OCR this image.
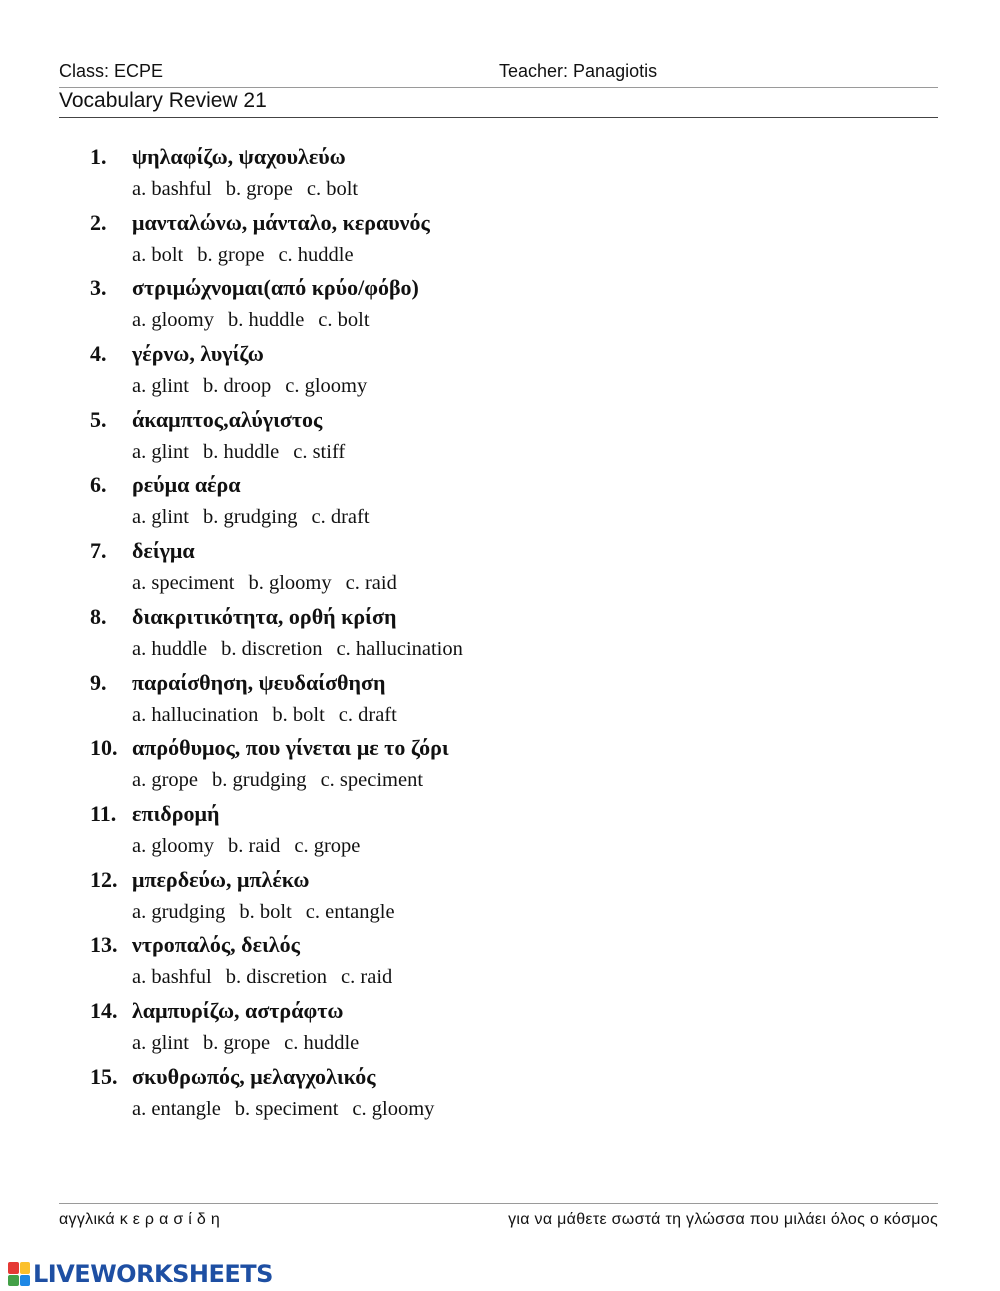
Class: ECPE	Teacher: Panagiotis
Vocabulary Review 21
1. ψηλαφίζω, ψαχουλεύω
a. bashful b. grope c. bolt
2. μανταλώνω, μάνταλο, κεραυνός
a. bolt b. grope c. huddle
3. στριμώχνομαι(από κρύο/φόβο)
a. gloomy b. huddle c. bolt
4. γέρνω, λυγίζω
a. glint b. droop c. gloomy
5. άκαμπτος,αλύγιστος
a. glint b. huddle c. stiff
6. ρεύμα αέρα
a. glint b. grudging c. draft
7. δείγμα
a. speciment b. gloomy c. raid
8. διακριτικότητα, ορθή κρίση
a. huddle b. discretion c. hallucination
9. παραίσθηση, ψευδαίσθηση
a. hallucination b. bolt c. draft
10. απρόθυμος, που γίνεται με το ζόρι
a. grope b. grudging c. speciment
11. επιδρομή
a. gloomy b. raid c. grope
12. μπερδεύω, μπλέκω
a. grudging b. bolt c. entangle
13. ντροπαλός, δειλός
a. bashful b. discretion c. raid
14. λαμπυρίζω, αστράφτω
a. glint b. grope c. huddle
15. σκυθρωπός, μελαγχολικός
a. entangle b. speciment c. gloomy
αγγλικά κ ε ρ α σ ί δ η	για να μάθετε σωστά τη γλώσσα που μιλάει όλος ο κόσμος
LIVEWORKSHEETS
